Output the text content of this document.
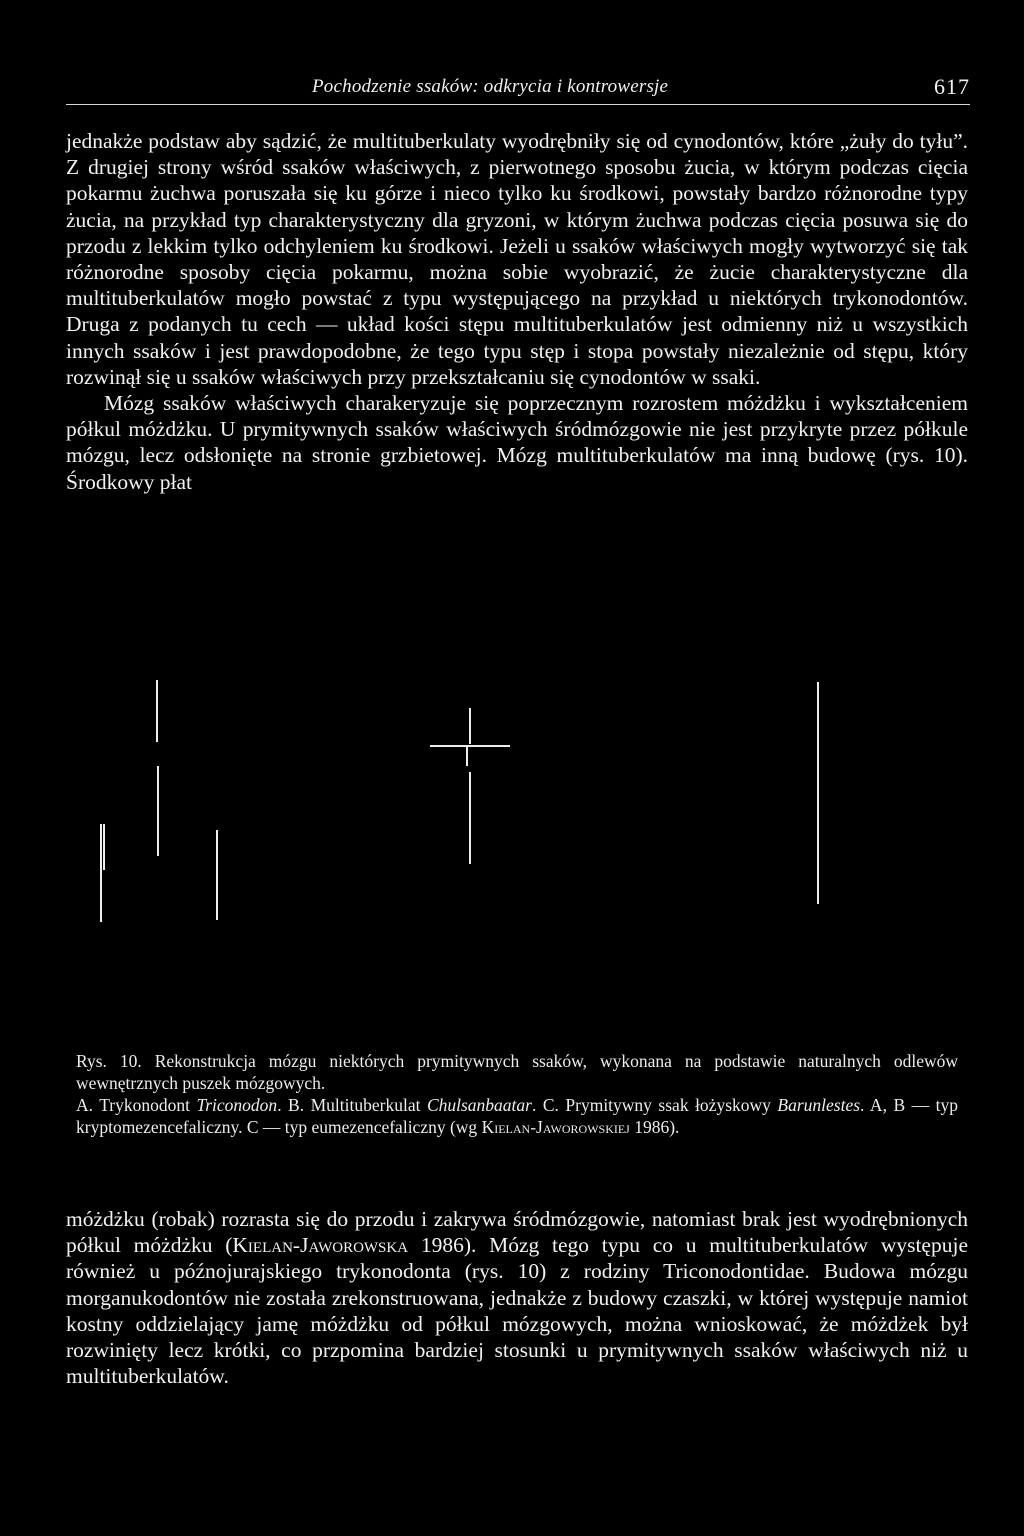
Pochodzenie ssaków: odkrycia i kontrowersje	617

jednakże podstaw aby sądzić, że multituberkulaty wyodrębniły się od cynodontów, które „żuły do tyłu”. Z drugiej strony wśród ssaków właściwych, z pierwotnego sposobu żucia, w którym podczas cięcia pokarmu żuchwa poruszała się ku górze i nieco tylko ku środkowi, powstały bardzo różnorodne typy żucia, na przykład typ charakterystyczny dla gryzoni, w którym żuchwa podczas cięcia posuwa się do przodu z lekkim tylko odchyleniem ku środkowi. Jeżeli u ssaków właściwych mogły wytworzyć się tak różnorodne sposoby cięcia pokarmu, można sobie wyobrazić, że żucie charakterystyczne dla multituberkulatów mogło powstać z typu występującego na przykład u niektórych trykonodontów. Druga z podanych tu cech — układ kości stępu multituberkulatów jest odmienny niż u wszystkich innych ssaków i jest prawdopodobne, że tego typu stęp i stopa powstały niezależnie od stępu, który rozwinął się u ssaków właściwych przy przekształcaniu się cynodontów w ssaki.

Mózg ssaków właściwych charakeryzuje się poprzecznym rozrostem móżdżku i wykształceniem półkul móżdżku. U prymitywnych ssaków właściwych śródmózgowie nie jest przykryte przez półkule mózgu, lecz odsłonięte na stronie grzbietowej. Mózg multituberkulatów ma inną budowę (rys. 10). Środkowy płat

Rys. 10. Rekonstrukcja mózgu niektórych prymitywnych ssaków, wykonana na podstawie naturalnych odlewów wewnętrznych puszek mózgowych.

A. Trykonodont Triconodon. B. Multituberkulat Chulsanbaatar. C. Prymitywny ssak łożyskowy Barunlestes. A, B — typ kryptomezencefaliczny. C — typ eumezencefaliczny (wg Kielan-Jaworowskiej 1986).

móżdżku (robak) rozrasta się do przodu i zakrywa śródmózgowie, natomiast brak jest wyodrębnionych półkul móżdżku (Kielan-Jaworowska 1986). Mózg tego typu co u multituberkulatów występuje również u późnojurajskiego trykonodonta (rys. 10) z rodziny Triconodontidae. Budowa mózgu morganukodontów nie została zrekonstruowana, jednakże z budowy czaszki, w której występuje namiot kostny oddzielający jamę móżdżku od półkul mózgowych, można wnioskować, że móżdżek był rozwinięty lecz krótki, co przpomina bardziej stosunki u prymitywnych ssaków właściwych niż u multituberkulatów.
